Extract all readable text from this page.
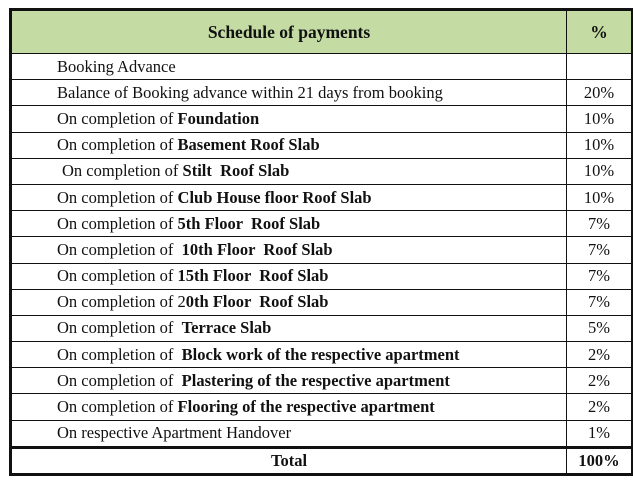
Schedule of payments	%
Booking Advance	
Balance of Booking advance within 21 days from booking	20%
On completion of Foundation	10%
On completion of Basement Roof Slab	10%
On completion of Stilt  Roof Slab	10%
On completion of Club House floor Roof Slab	10%
On completion of 5th Floor  Roof Slab	7%
On completion of  10th Floor  Roof Slab	7%
On completion of 15th Floor  Roof Slab	7%
On completion of 20th Floor  Roof Slab	7%
On completion of  Terrace Slab	5%
On completion of  Block work of the respective apartment	2%
On completion of  Plastering of the respective apartment	2%
On completion of Flooring of the respective apartment	2%
On respective Apartment Handover	1%
Total	100%
